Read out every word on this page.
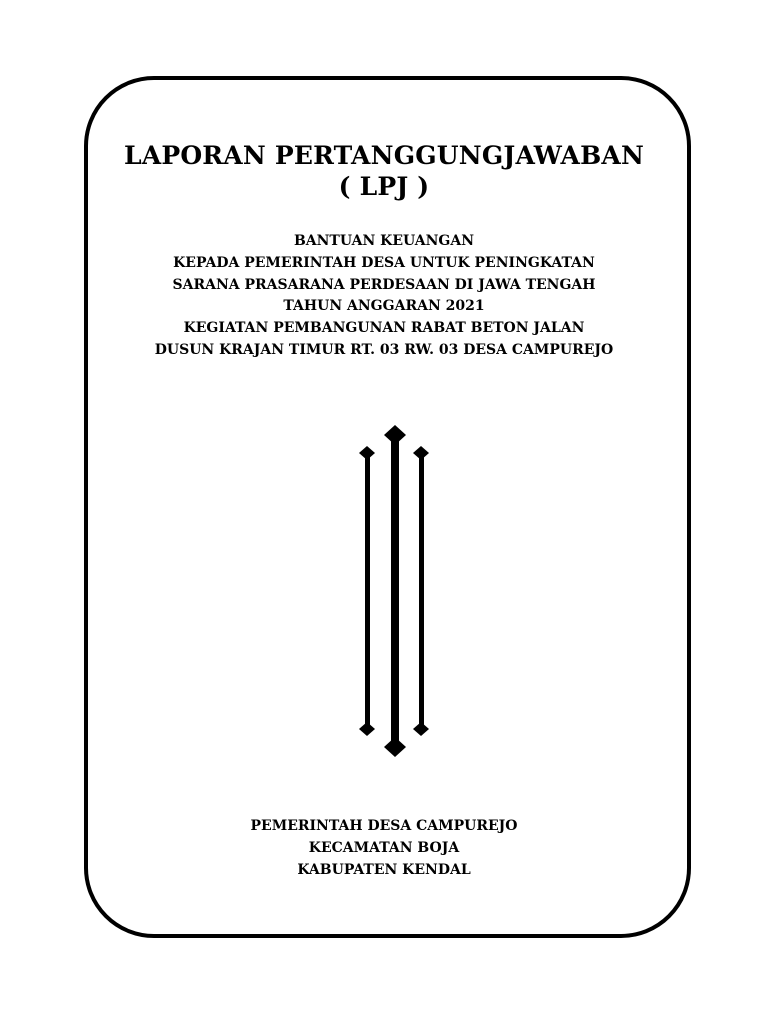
LAPORAN PERTANGGUNGJAWABAN
( LPJ )
BANTUAN KEUANGAN
KEPADA PEMERINTAH DESA UNTUK PENINGKATAN
SARANA PRASARANA PERDESAAN DI JAWA TENGAH
TAHUN ANGGARAN 2021
KEGIATAN PEMBANGUNAN RABAT BETON JALAN
DUSUN KRAJAN TIMUR RT. 03 RW. 03 DESA CAMPUREJO
PEMERINTAH DESA CAMPUREJO
KECAMATAN BOJA
KABUPATEN KENDAL
